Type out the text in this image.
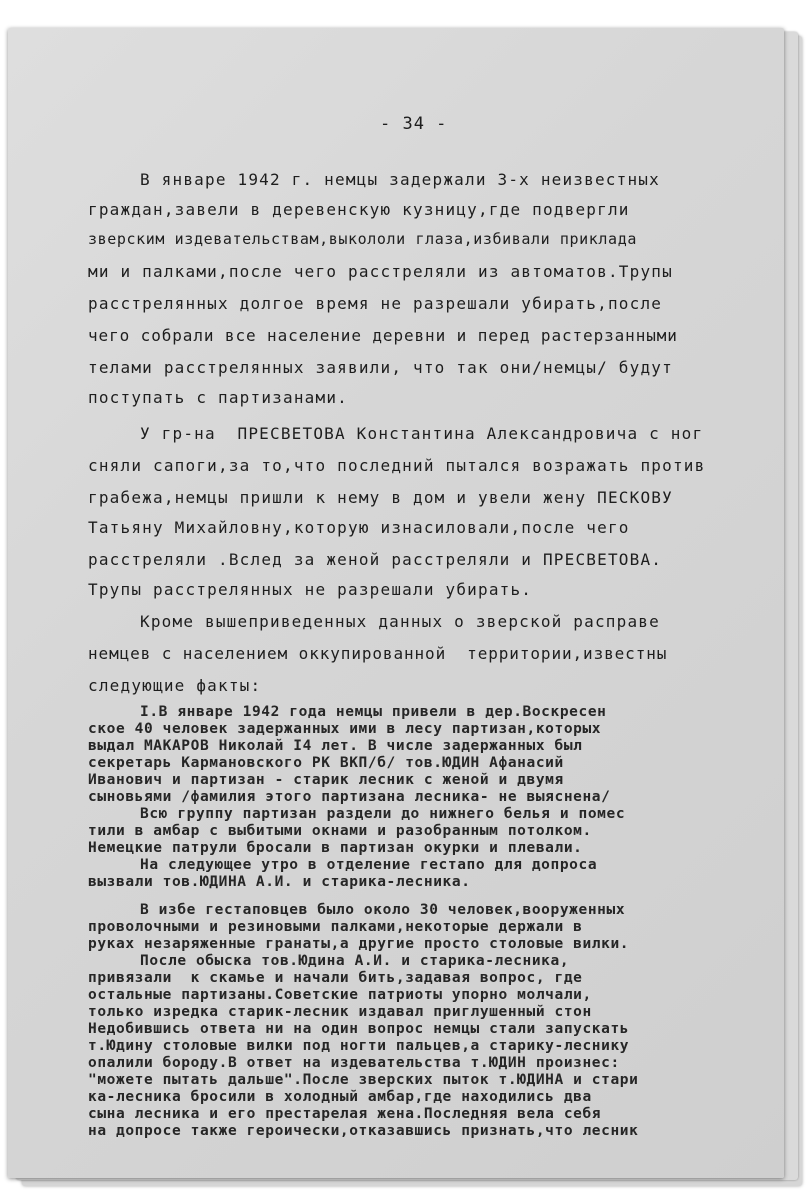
- 34 -
В январе 1942 г. немцы задержали 3-х неизвестных
граждан,завели в деревенскую кузницу,где подвергли
зверским издевательствам,выкололи глаза,избивали приклада
ми и палками,после чего расстреляли из автоматов.Трупы
расстрелянных долгое время не разрешали убирать,после
чего собрали все население деревни и перед растерзанными
телами расстрелянных заявили, что так они/немцы/ будут
поступать с партизанами.
У гр-на  ПРЕСВЕТОВА Константина Александровича с ног
сняли сапоги,за то,что последний пытался возражать против
грабежа,немцы пришли к нему в дом и увели жену ПЕСКОВУ
Татьяну Михайловну,которую изнасиловали,после чего
расстреляли .Вслед за женой расстреляли и ПРЕСВЕТОВА.
Трупы расстрелянных не разрешали убирать.
Кроме вышеприведенных данных о зверской расправе
немцев с населением оккупированной  территории,известны
следующие факты:
I.В январе 1942 года немцы привели в дер.Воскресен
ское 40 человек задержанных ими в лесу партизан,которых
выдал МАКАРОВ Николай I4 лет. В числе задержанных был
секретарь Кармановского РК ВКП/б/ тов.ЮДИН Афанасий
Иванович и партизан - старик лесник с женой и двумя
сыновьями /фамилия этого партизана лесника- не выяснена/
Всю группу партизан раздели до нижнего белья и помес
тили в амбар с выбитыми окнами и разобранным потолком.
Немецкие патрули бросали в партизан окурки и плевали.
На следующее утро в отделение гестапо для допроса
вызвали тов.ЮДИНА А.И. и старика-лесника.
В избе гестаповцев было около 30 человек,вооруженных
проволочными и резиновыми палками,некоторые держали в
руках незаряженные гранаты,а другие просто столовые вилки.
После обыска тов.Юдина А.И. и старика-лесника,
привязали  к скамье и начали бить,задавая вопрос, где
остальные партизаны.Советские патриоты упорно молчали,
только изредка старик-лесник издавал приглушенный стон
Недобившись ответа ни на один вопрос немцы стали запускать
т.Юдину столовые вилки под ногти пальцев,а старику-леснику
опалили бороду.В ответ на издевательства т.ЮДИН произнес:
"можете пытать дальше".После зверских пыток т.ЮДИНА и стари
ка-лесника бросили в холодный амбар,где находились два
сына лесника и его престарелая жена.Последняя вела себя
на допросе также героически,отказавшись признать,что лесник
